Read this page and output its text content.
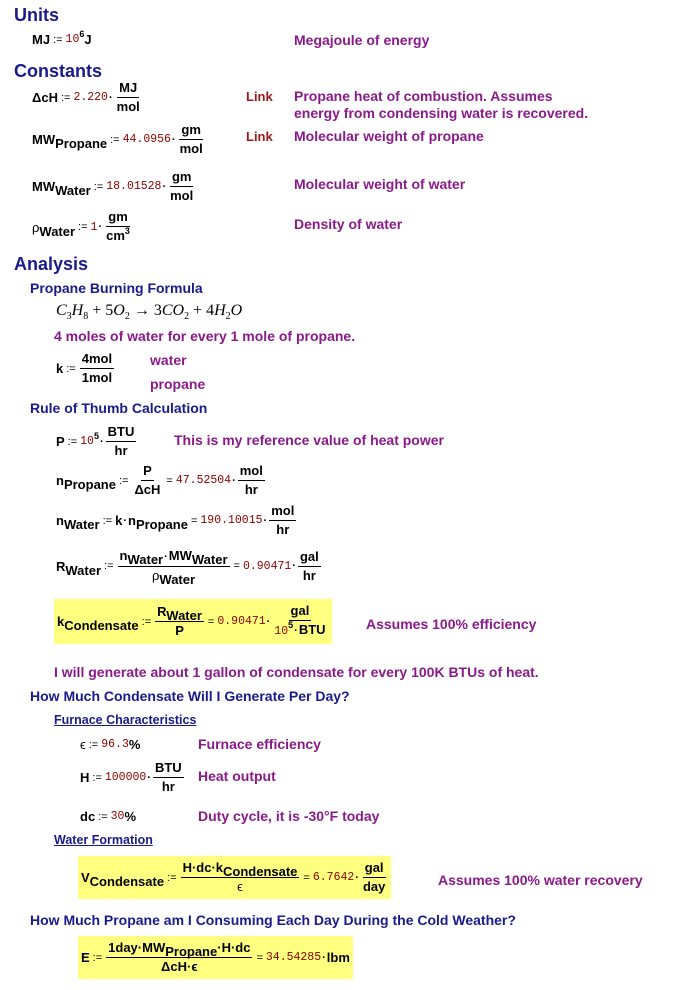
Units
MJ := 10 6 J	Megajoule of energy
Constants
ΔcH := $2.220 \cdot \frac{MJ}{\text{mol}}$	Link Propane heat of combustion. Assumes
energy from condensing water is recovered.
MW Propane := $44.0956 \cdot \frac{gm}{\text{mol}}$	Link Molecular weight of propane
MW Water := $18.01528 \cdot \frac{gm}{\text{mol}}$	Molecular weight of water
ρ Water := $1 \cdot \frac{gm}{cm^3}$	Density of water
Analysis
Propane Burning Formula
$C_3H_8 + 5O_2 \to 3CO_2 + 4H_2O$
4 moles of water for every 1 mole of propane.
k := $\frac{\text{4mol}}{\text{1mol}}$	water
propane
Rule of Thumb Calculation
P := 10 $5 \cdot \frac{\text{BTU}}{hr}$	This is my reference value of heat power
n Propane := $\frac{P}{\text{ΔcH}} = 47.52504 \cdot \frac{\text{mol}}{hr}$
n Water := k · n Propane = $190.10015 \cdot \frac{\text{mol}}{hr}$
R Water := $\frac{\text{nWater·MWWater}}{\text{ρWater}} = 0.90471 \cdot \frac{\text{gal}}{hr}$
k Condensate := $\frac{\text{RWater}}{P} = 0.90471 \cdot \frac{\text{gal}}{10^5\cdot BTU}$	Assumes 100% efficiency
I will generate about 1 gallon of condensate for every 100K BTUs of heat.
How Much Condensate Will I Generate Per Day?
Furnace Characteristics
ϵ := 96.3 %	Furnace efficiency
H := $100000 \cdot \frac{\text{BTU}}{hr}$ Heat output
dc := 30 %	Duty cycle, it is -30°F today
Water Formation
V Condensate := $\frac{\text{H·dc·kCondensate}}{\epsilon} = 6.7642 \cdot \frac{\text{gal}}{\text{day}}$	Assumes 100% water recovery
How Much Propane am I Consuming Each Day During the Cold Weather?
E := $\frac{\text{1day·MWPropane·H·dc}}{\text{ΔcH·ϵ}} = 34.54285$ · lbm
